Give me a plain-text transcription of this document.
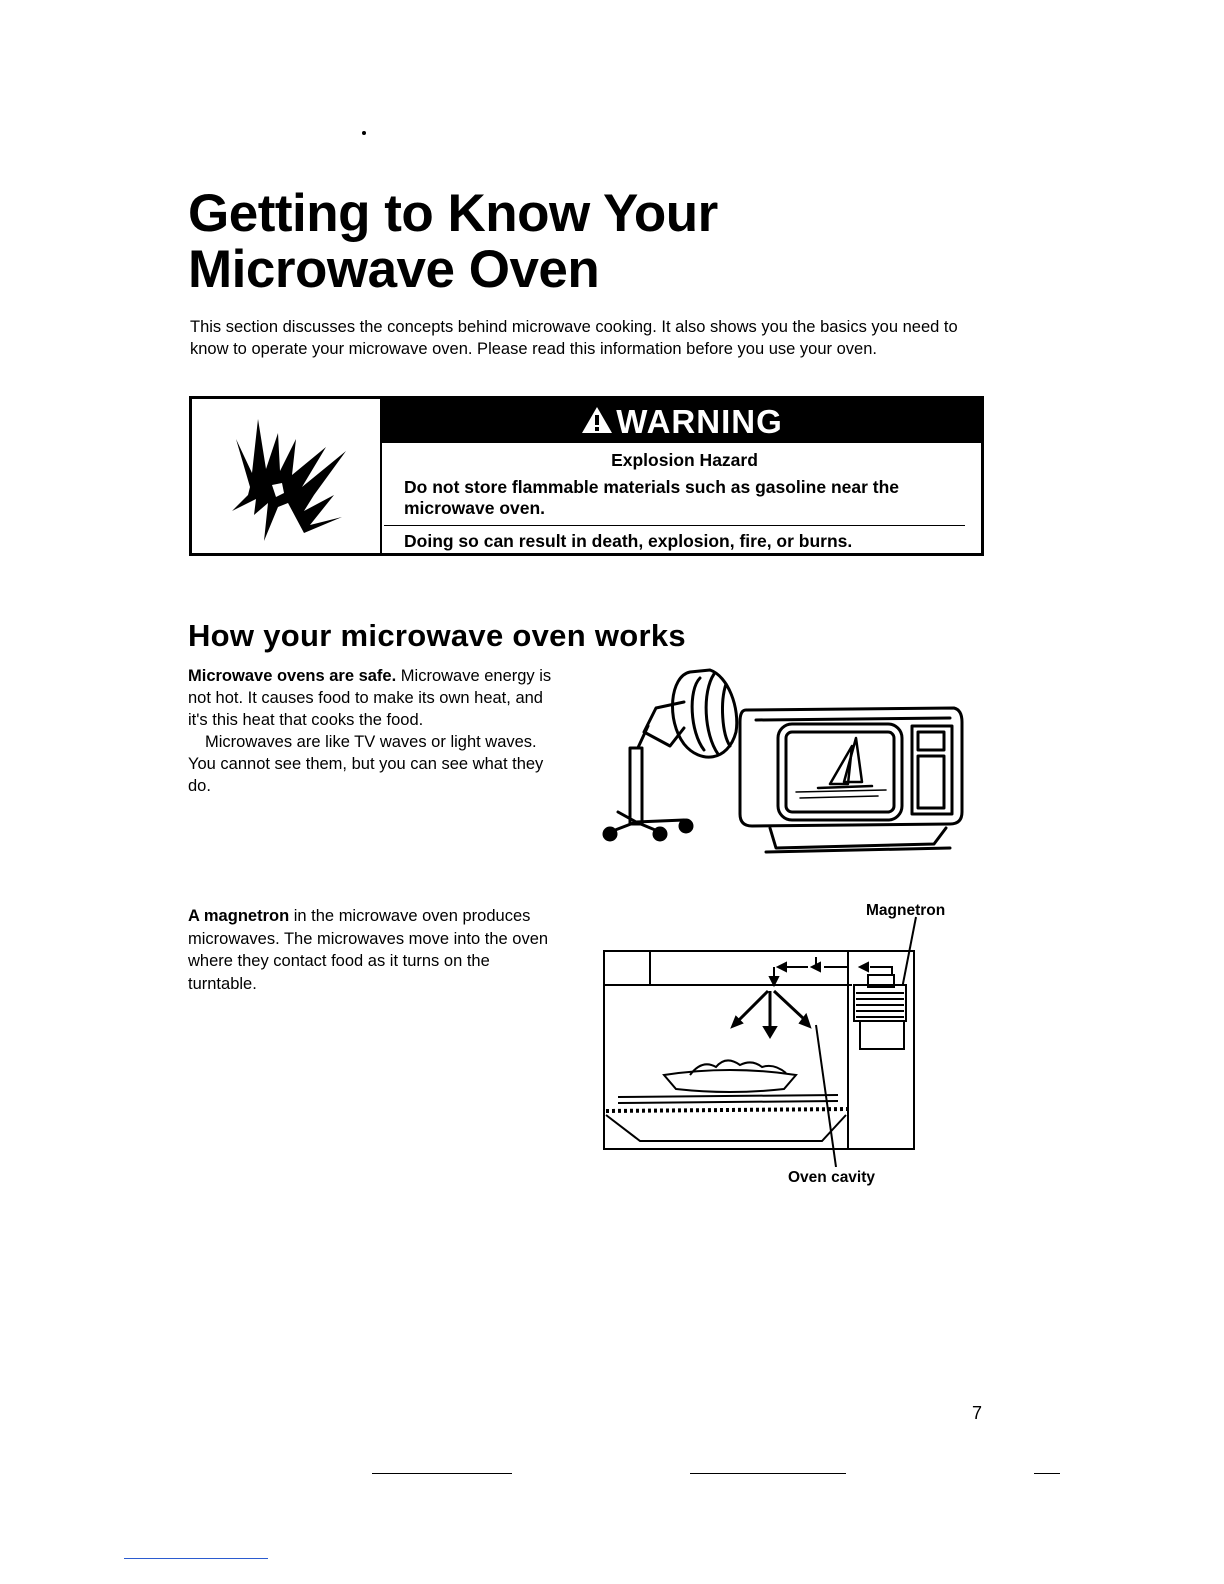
Getting to Know Your
Microwave Oven

This section discusses the concepts behind microwave cooking. It also shows you the basics you need to know to operate your microwave oven. Please read this information before you use your oven.

WARNING

Explosion Hazard

Do not store flammable materials such as gasoline near the microwave oven.

Doing so can result in death, explosion, fire, or burns.

How your microwave oven works

Microwave ovens are safe. Microwave energy is not hot. It causes food to make its own heat, and it's this heat that cooks the food.
Microwaves are like TV waves or light waves. You cannot see them, but you can see what they do.

A magnetron in the microwave oven produces microwaves. The microwaves move into the oven where they contact food as it turns on the turntable.

Magnetron
Oven cavity
7
